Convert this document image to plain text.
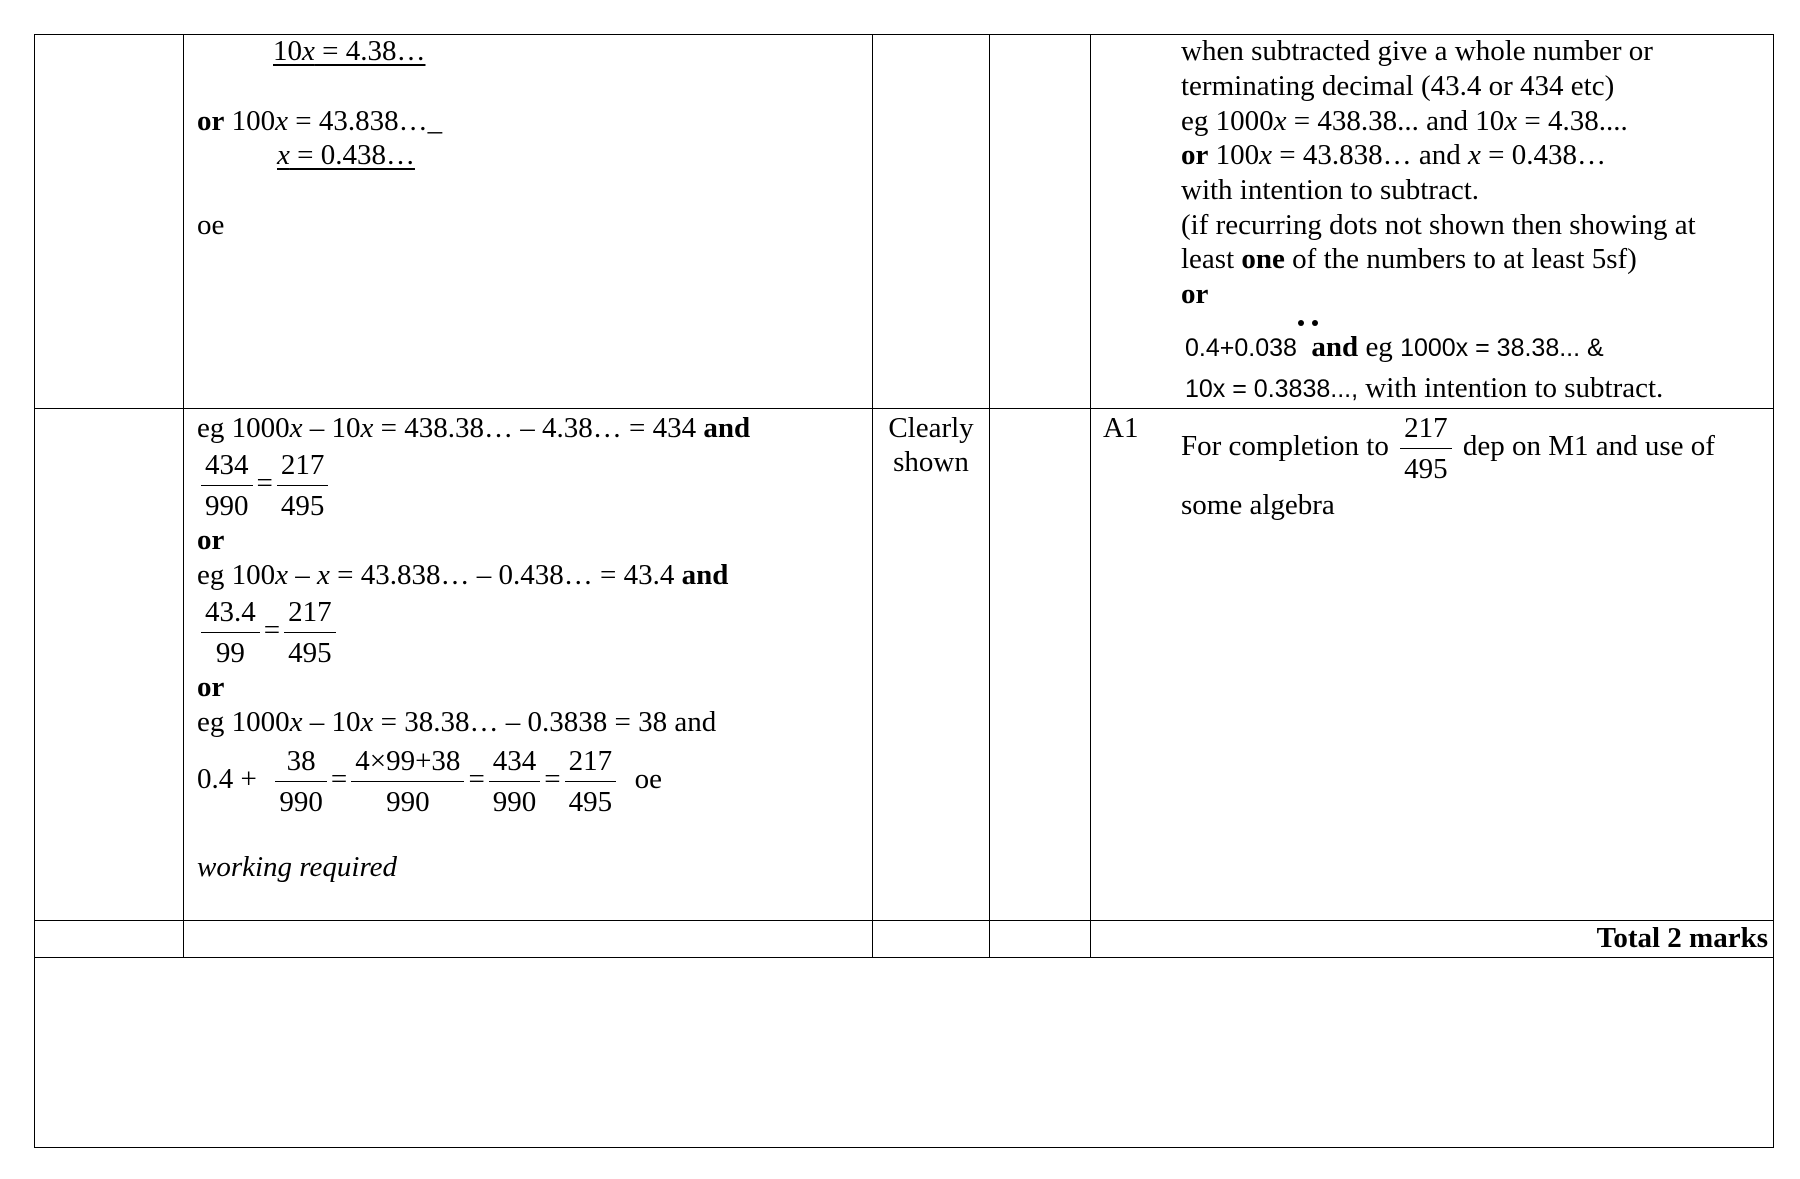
10x = 4.38…
or 100x = 43.838…_
x = 0.438…
oe
when subtracted give a whole number or
terminating decimal (43.4 or 434 etc)
eg 1000x = 438.38... and 10x = 4.38....
or 100x = 43.838… and x = 0.438…
with intention to subtract.
(if recurring dots not shown then showing at
least one of the numbers to at least 5sf)
or
0.4+0.038 and eg 1000x = 38.38... &
10x = 0.3838..., with intention to subtract.
eg 1000x – 10x = 438.38… – 4.38… = 434 and
$\frac{434}{990} = \frac{217}{495}$
or
eg 100x – x = 43.838… – 0.438… = 43.4 and
$\frac{43.4}{99} = \frac{217}{495}$
or
eg 1000x – 10x = 38.38… – 0.3838 = 38 and
$0.4 + \frac{38}{990} = \frac{4\times 99+38}{990} = \frac{434}{990} = \frac{217}{495}$ oe
working required
Clearly
shown
A1
For completion to $\frac{217}{495}$ dep on M1 and use of
some algebra
Total 2 marks
